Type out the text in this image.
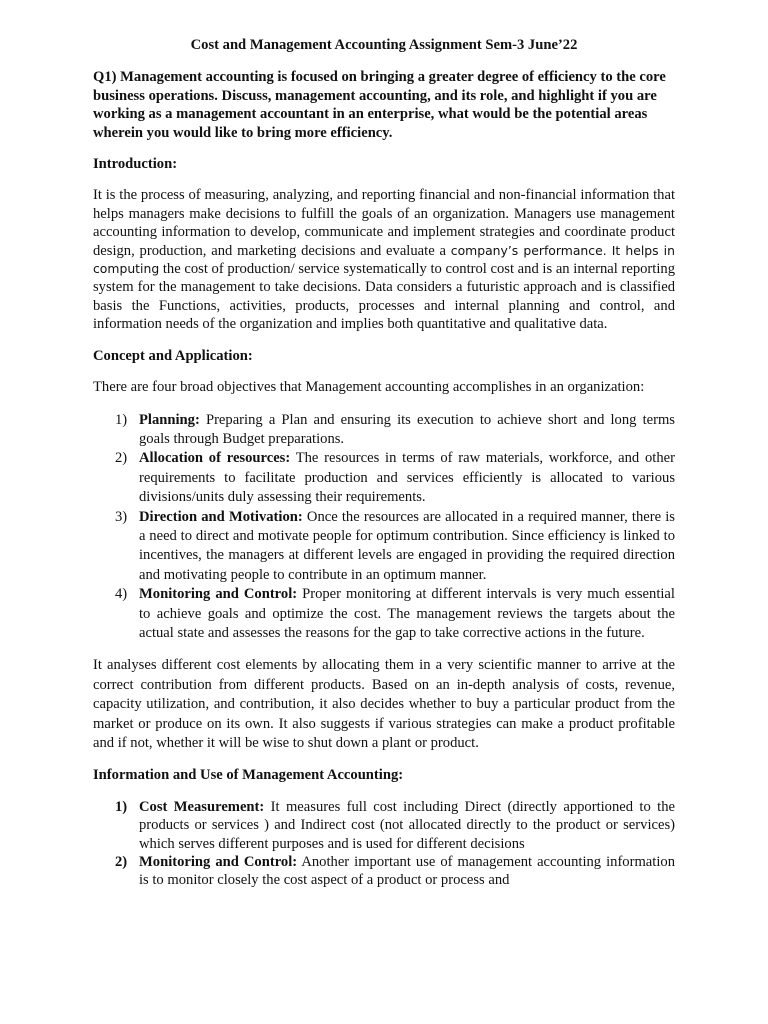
Cost and Management Accounting Assignment Sem-3 June’22
Q1) Management accounting is focused on bringing a greater degree of efficiency to the core business operations. Discuss, management accounting, and its role, and highlight if you are working as a management accountant in an enterprise, what would be the potential areas wherein you would like to bring more efficiency.
Introduction:

It is the process of measuring, analyzing, and reporting financial and non-financial information that helps managers make decisions to fulfill the goals of an organization. Managers use management accounting information to develop, communicate and implement strategies and coordinate product design, production, and marketing decisions and evaluate a company’s performance. It helps in computing the cost of production/ service systematically to control cost and is an internal reporting system for the management to take decisions. Data considers a futuristic approach and is classified basis the Functions, activities, products, processes and internal planning and control, and information needs of the organization and implies both quantitative and qualitative data.

Concept and Application:

There are four broad objectives that Management accounting accomplishes in an organization:

1) Planning: Preparing a Plan and ensuring its execution to achieve short and long terms goals through Budget preparations.
2) Allocation of resources: The resources in terms of raw materials, workforce, and other requirements to facilitate production and services efficiently is allocated to various divisions/units duly assessing their requirements.
3) Direction and Motivation: Once the resources are allocated in a required manner, there is a need to direct and motivate people for optimum contribution. Since efficiency is linked to incentives, the managers at different levels are engaged in providing the required direction and motivating people to contribute in an optimum manner.
4) Monitoring and Control: Proper monitoring at different intervals is very much essential to achieve goals and optimize the cost. The management reviews the targets about the actual state and assesses the reasons for the gap to take corrective actions in the future.

It analyses different cost elements by allocating them in a very scientific manner to arrive at the correct contribution from different products. Based on an in-depth analysis of costs, revenue, capacity utilization, and contribution, it also decides whether to buy a particular product from the market or produce on its own. It also suggests if various strategies can make a product profitable and if not, whether it will be wise to shut down a plant or product.

Information and Use of Management Accounting:
1) Cost Measurement: It measures full cost including Direct (directly apportioned to the products or services ) and Indirect cost (not allocated directly to the product or services) which serves different purposes and is used for different decisions
2) Monitoring and Control: Another important use of management accounting information is to monitor closely the cost aspect of a product or process and
